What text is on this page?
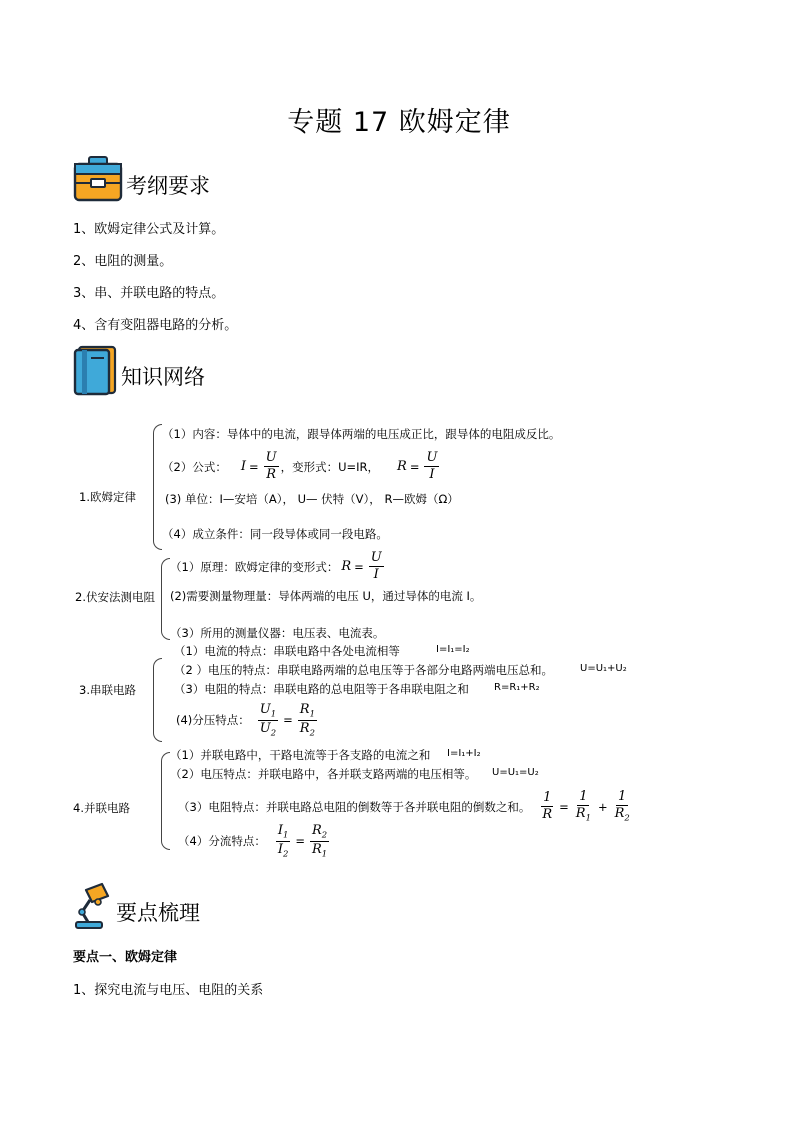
专题 17 欧姆定律
考纲要求
1、欧姆定律公式及计算。
2、电阻的测量。
3、串、并联电路的特点。
4、含有变阻器电路的分析。
知识网络
1.欧姆定律
（1）内容：导体中的电流，跟导体两端的电压成正比，跟导体的电阻成反比。
（2）公式： $I = \frac{U}{R}$ ，变形式：U=IR， $R = \frac{U}{I}$
(3) 单位：I—安培（A）， U— 伏特（V）， R—欧姆（Ω）
（4）成立条件：同一段导体或同一段电路。
2.伏安法测电阻
（1）原理：欧姆定律的变形式： $R = \frac{U}{I}$
(2)需要测量物理量：导体两端的电压 U，通过导体的电流 I。
（3）所用的测量仪器：电压表、电流表。
3.串联电路
（1）电流的特点：串联电路中各处电流相等	I=I₁=I₂
（2 ）电压的特点：串联电路两端的总电压等于各部分电路两端电压总和。	U=U₁+U₂
（3）电阻的特点：串联电路的总电阻等于各串联电阻之和	R=R₁+R₂
(4)分压特点： $\frac{U_1}{U_2} = \frac{R_1}{R_2}$
4.并联电路
（1）并联电路中，干路电流等于各支路的电流之和 I=I₁+I₂
（2）电压特点：并联电路中，各并联支路两端的电压相等。 U=U₁=U₂
（3）电阻特点：并联电路总电阻的倒数等于各并联电阻的倒数之和。 $\frac{1}{R} = \frac{1}{R_1} + \frac{1}{R_2}$
（4）分流特点： $\frac{I_1}{I_2} = \frac{R_2}{R_1}$
要点梳理
要点一、欧姆定律
1、探究电流与电压、电阻的关系
